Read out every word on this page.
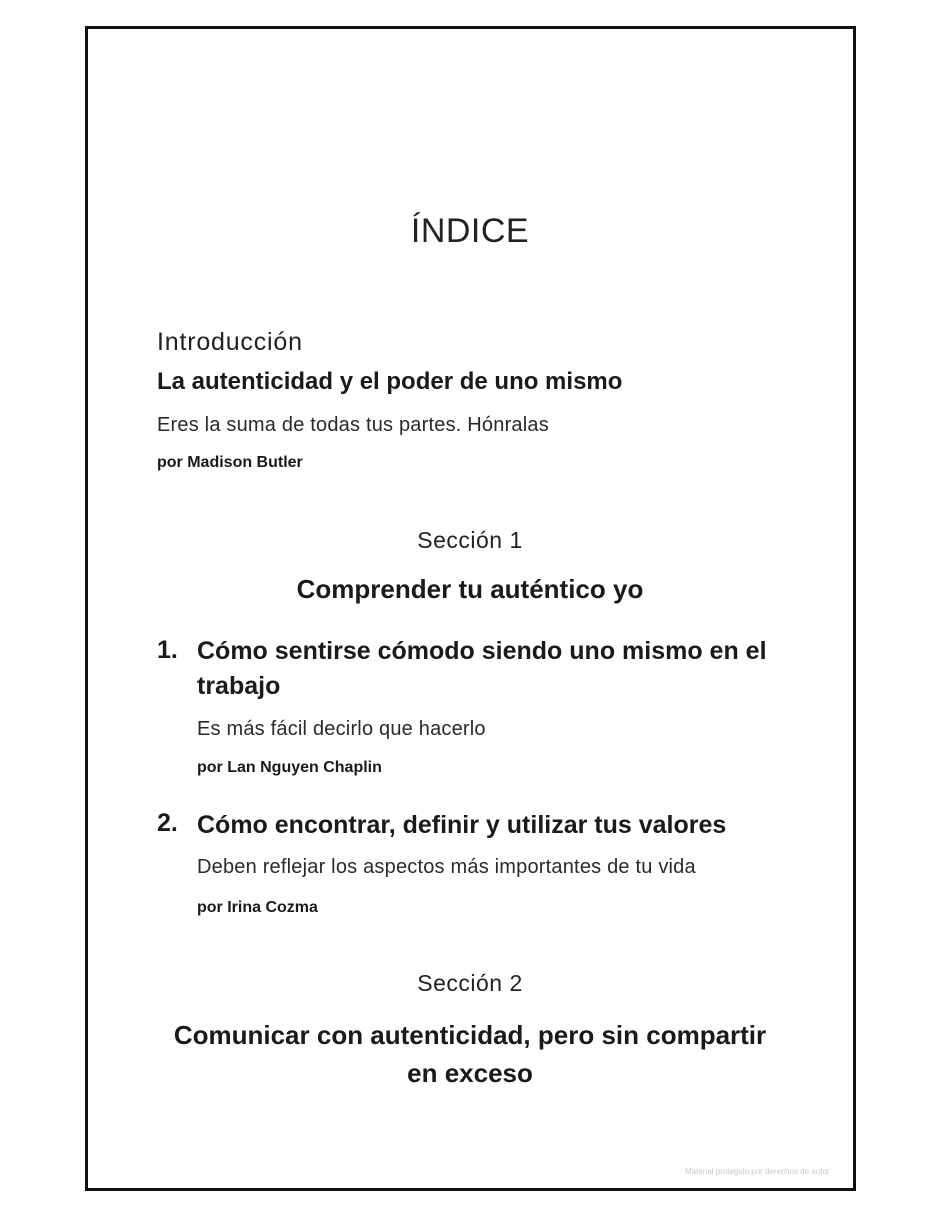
ÍNDICE
Introducción
La autenticidad y el poder de uno mismo
Eres la suma de todas tus partes. Hónralas
por Madison Butler
Sección 1
Comprender tu auténtico yo
1. Cómo sentirse cómodo siendo uno mismo en el trabajo
Es más fácil decirlo que hacerlo
por Lan Nguyen Chaplin
2. Cómo encontrar, definir y utilizar tus valores
Deben reflejar los aspectos más importantes de tu vida
por Irina Cozma
Sección 2
Comunicar con autenticidad, pero sin compartir en exceso
Material protegido por derechos de autor
